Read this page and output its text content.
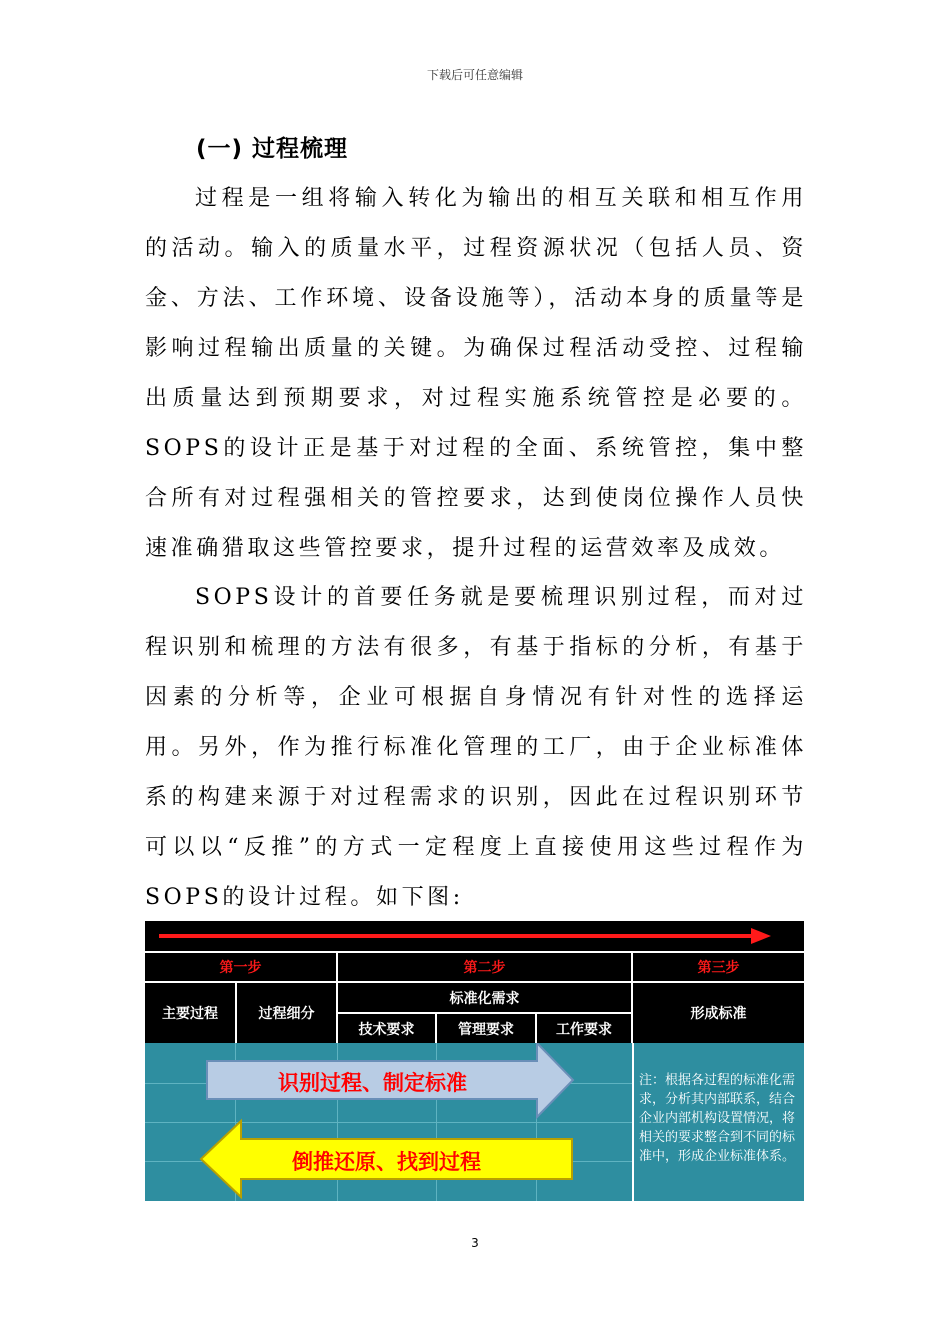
下载后可任意编辑
(一) 过程梳理

过程是一组将输入转化为输出的相互关联和相互作用的活动。输入的质量水平，过程资源状况（包括人员、资金、方法、工作环境、设备设施等），活动本身的质量等是影响过程输出质量的关键。为确保过程活动受控、过程输出质量达到预期要求，对过程实施系统管控是必要的。SOPS的设计正是基于对过程的全面、系统管控，集中整合所有对过程强相关的管控要求，达到使岗位操作人员快速准确猎取这些管控要求，提升过程的运营效率及成效。

SOPS设计的首要任务就是要梳理识别过程，而对过程识别和梳理的方法有很多，有基于指标的分析，有基于因素的分析等，企业可根据自身情况有针对性的选择运用。另外，作为推行标准化管理的工厂，由于企业标准体系的构建来源于对过程需求的识别，因此在过程识别环节可以以“反推”的方式一定程度上直接使用这些过程作为SOPS的设计过程。如下图:

第一步	第二步	第三步
主要过程	过程细分
标准化需求
技术要求	管理要求	工作要求
形成标准
识别过程、制定标准
倒推还原、找到过程
注：根据各过程的标准化需求，分析其内部联系，结合企业内部机构设置情况，将相关的要求整合到不同的标准中，形成企业标准体系。
3
